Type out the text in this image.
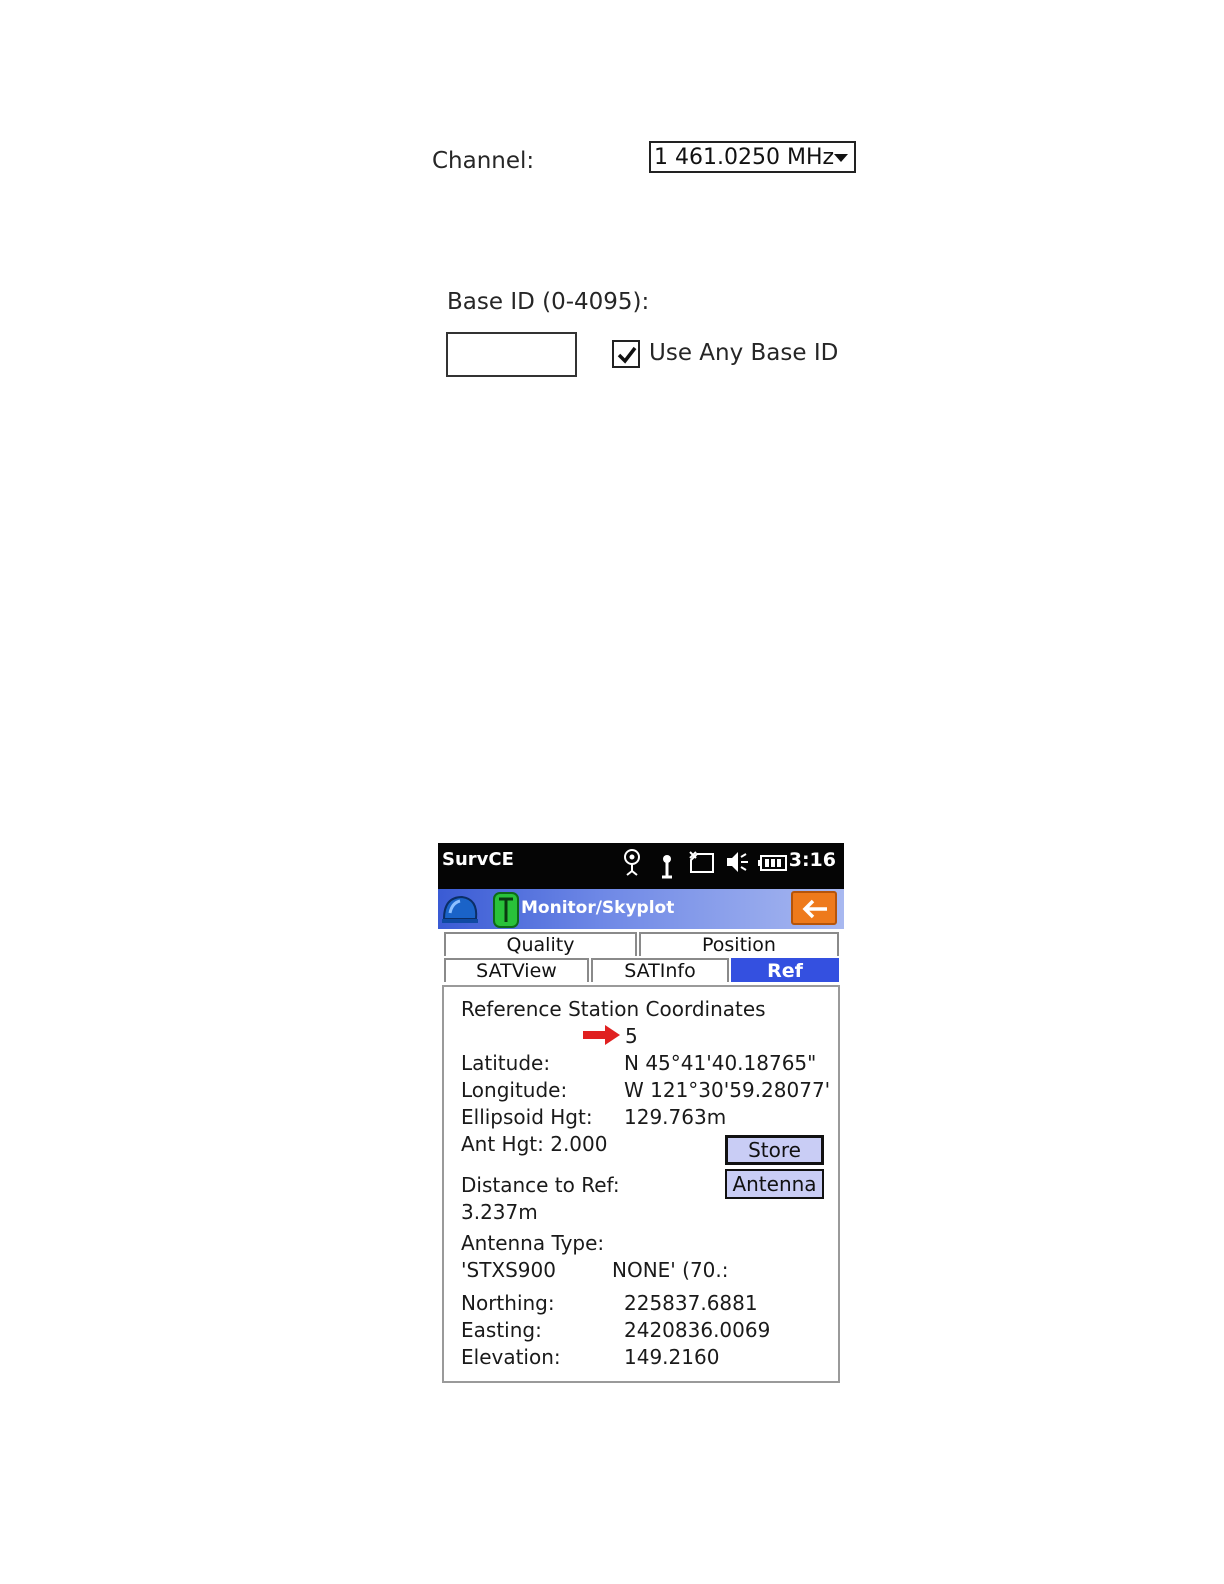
Channel:	1 461.0250 MHz
Base ID (0-4095):
Use Any Base ID
SurvCE	3:16
Monitor/Skyplot
Quality	Position
SATView	SATInfo	Ref
Reference Station Coordinates
5
Latitude:	N 45°41'40.18765"
Longitude:	W 121°30'59.28077'
Ellipsoid Hgt: 129.763m
Ant Hgt: 2.000	Store
Antenna
Distance to Ref:
3.237m
Antenna Type:
'STXS900	NONE' (70.:
Northing:	225837.6881
Easting:	2420836.0069
Elevation:	149.2160
